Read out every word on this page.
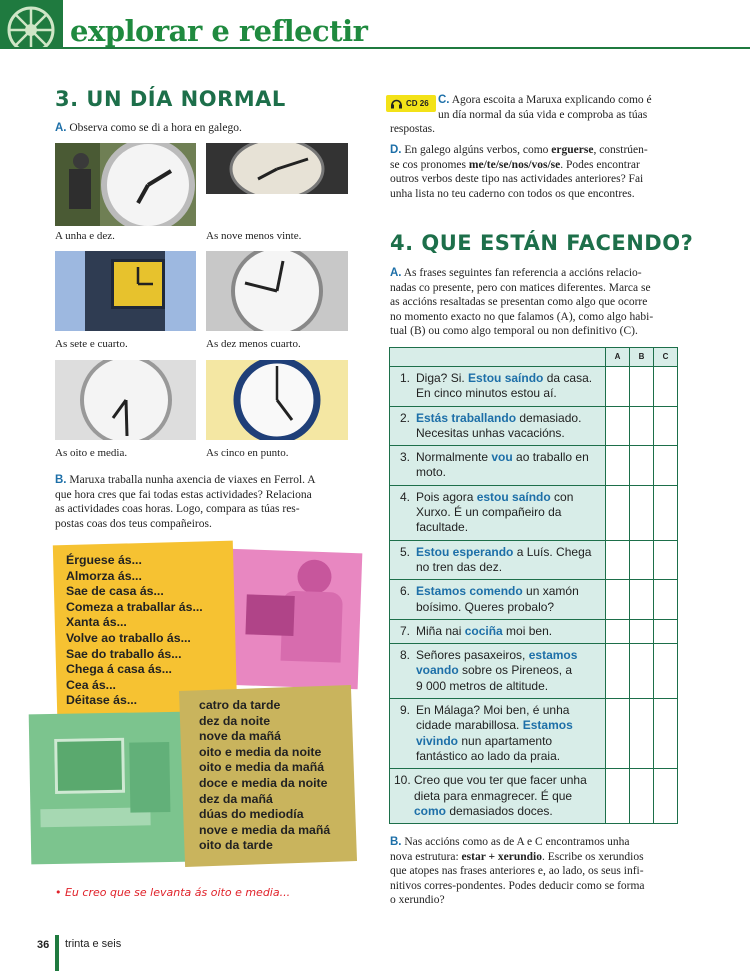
explorar e reflectir
3. UN DÍA NORMAL
A. Observa como se di a hora en galego.
A unha e dez.	As nove menos vinte.
As sete e cuarto.	As dez menos cuarto.
As oito e media.	As cinco en punto.
B. Maruxa traballa nunha axencia de viaxes en Ferrol. A
que hora cres que fai todas estas actividades? Relaciona
as actividades coas horas. Logo, compara as túas res-
postas coas dos teus compañeiros.
Érguese ás...
Almorza ás...
Sae de casa ás...
Comeza a traballar ás...
Xanta ás...
Volve ao traballo ás...
Sae do traballo ás...
Chega á casa ás...
Cea ás...
Déitase ás...	catro da tarde
dez da noite
nove da mañá
oito e media da noite
oito e media da mañá
doce e media da noite
dez da mañá
dúas do mediodía
nove e media da mañá
oito da tarde
• Eu creo que se levanta ás oito e media...
CD 26 C. Agora escoita a Maruxa explicando como é
un día normal da súa vida e comproba as túas
respostas.
D. En galego algúns verbos, como erguerse, constrúen-
se cos pronomes me/te/se/nos/vos/se. Podes encontrar
outros verbos deste tipo nas actividades anteriores? Fai
unha lista no teu caderno con todos os que encontres.
4. QUE ESTÁN FACENDO?
A. As frases seguintes fan referencia a accións relacio-
nadas co presente, pero con matices diferentes. Marca se
as accións resaltadas se presentan como algo que ocorre
no momento exacto no que falamos (A), como algo habi-
tual (B) ou como algo temporal ou non definitivo (C).
	A	B	C
1. Diga? Si. Estou saíndo da casa.
En cinco minutos estou aí.			
2. Estás traballando demasiado.
Necesitas unhas vacacións.			
3. Normalmente vou ao traballo en
moto.			
4. Pois agora estou saíndo con
Xurxo. É un compañeiro da
facultade.			
5. Estou esperando a Luís. Chega
no tren das dez.			
6. Estamos comendo un xamón
boísimo. Queres probalo?			
7. Miña nai cociña moi ben.			
8. Señores pasaxeiros, estamos
voando sobre os Pireneos, a
9 000 metros de altitude.			
9. En Málaga? Moi ben, é unha
cidade marabillosa. Estamos
vivindo nun apartamento
fantástico ao lado da praia.			
10. Creo que vou ter que facer unha
dieta para enmagrecer. É que
como demasiados doces.			
B. Nas accións como as de A e C encontramos unha
nova estrutura: estar + xerundio. Escribe os xerundios
que atopes nas frases anteriores e, ao lado, os seus infi-
nitivos corres-pondentes. Podes deducir como se forma
o xerundio?
36 trinta e seis
